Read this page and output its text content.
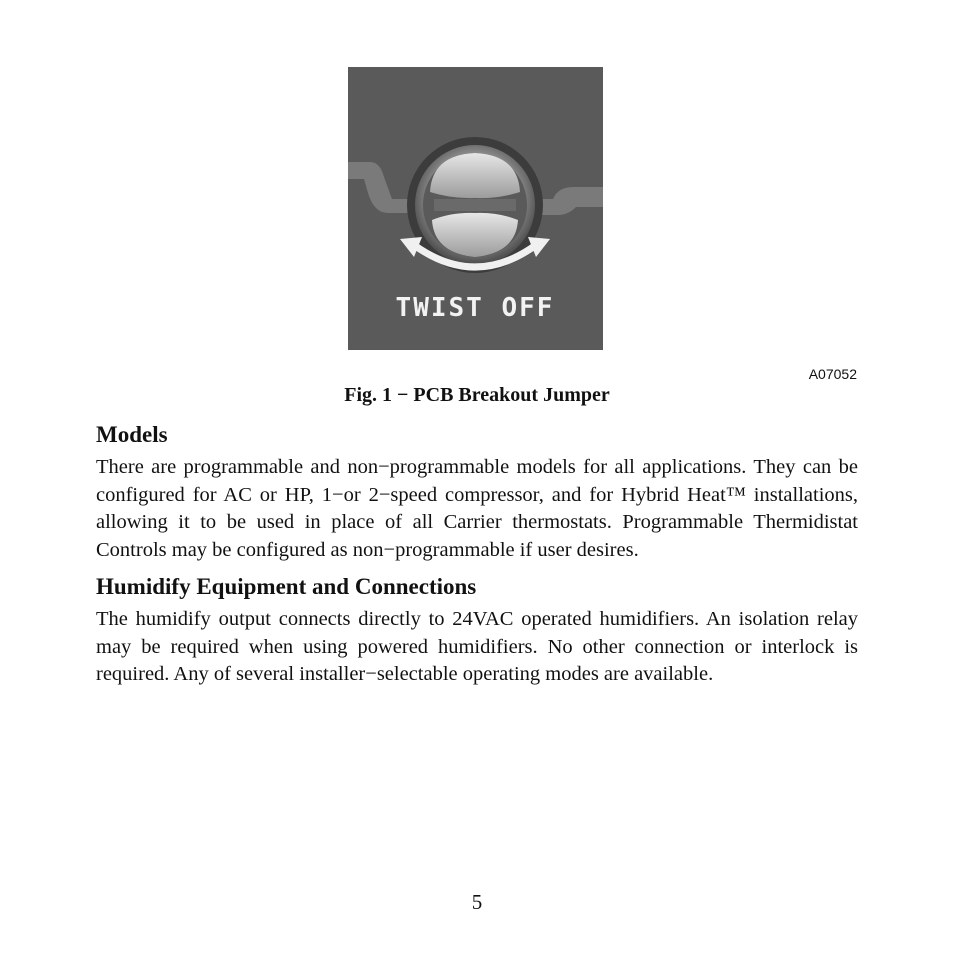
TWIST OFF
A07052
Fig. 1 − PCB Breakout Jumper
Models

There are programmable and non−programmable models for all applications. They can be configured for AC or HP, 1−or 2−speed compressor, and for Hybrid Heat™ installations, allowing it to be used in place of all Carrier thermostats. Programmable Thermidistat Controls may be configured as non−programmable if user desires.

Humidify Equipment and Connections

The humidify output connects directly to 24VAC operated humidifiers. An isolation relay may be required when using powered humidifiers. No other connection or interlock is required. Any of several installer−selectable operating modes are available.

5
